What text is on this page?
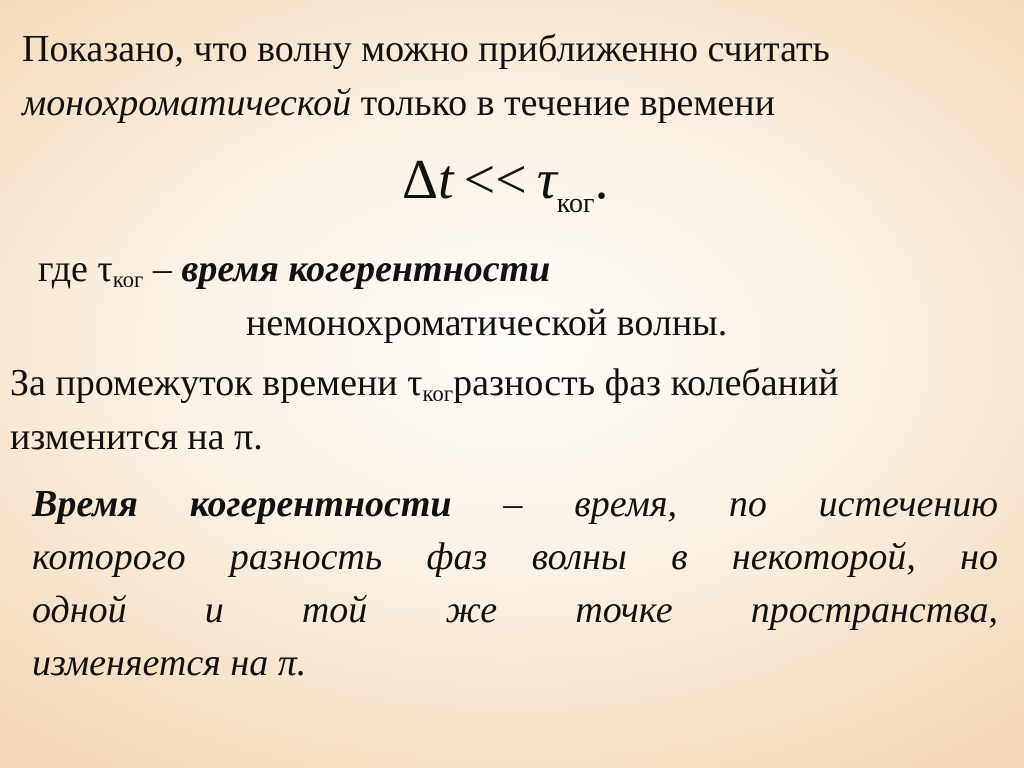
Показано, что волну можно приближенно считать
монохроматической только в течение времени
$\Delta t << \tau_{ког}$.
где $\tau_{ког}$ – время когерентности
немонохроматической волны.
За промежуток времени $\tau_{ког}разность$ фаз колебаний
изменится на π.
Время когерентности – время, по истечению
которого разность фаз волны в некоторой, но
одной и той же точке пространства,
изменяется на π.
